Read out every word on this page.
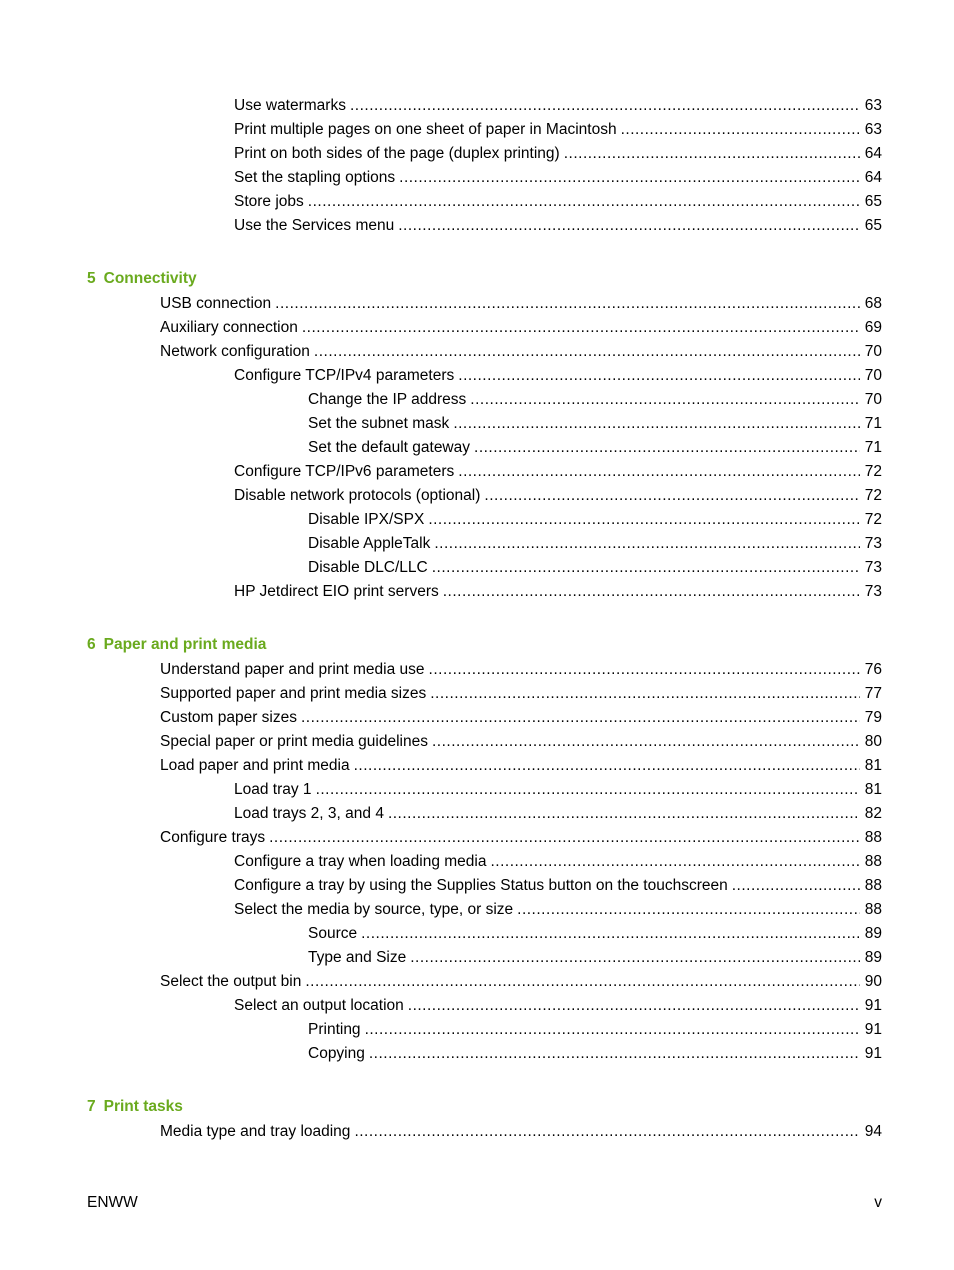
Use watermarks .....	63
Print multiple pages on one sheet of paper in Macintosh .....	63
Print on both sides of the page (duplex printing) .....	64
Set the stapling options .....	64
Store jobs .....	65
Use the Services menu .....	65
5 Connectivity
USB connection .....	68
Auxiliary connection .....	69
Network configuration .....	70
Configure TCP/IPv4 parameters .....	70
Change the IP address .....	70
Set the subnet mask .....	71
Set the default gateway .....	71
Configure TCP/IPv6 parameters .....	72
Disable network protocols (optional) .....	72
Disable IPX/SPX .....	72
Disable AppleTalk .....	73
Disable DLC/LLC .....	73
HP Jetdirect EIO print servers .....	73
6 Paper and print media
Understand paper and print media use .....	76
Supported paper and print media sizes .....	77
Custom paper sizes .....	79
Special paper or print media guidelines .....	80
Load paper and print media .....	81
Load tray 1 .....	81
Load trays 2, 3, and 4 .....	82
Configure trays .....	88
Configure a tray when loading media .....	88
Configure a tray by using the Supplies Status button on the touchscreen .....	88
Select the media by source, type, or size .....	88
Source .....	89
Type and Size .....	89
Select the output bin .....	90
Select an output location .....	91
Printing .....	91
Copying .....	91
7 Print tasks
Media type and tray loading .....	94
ENWW	v
